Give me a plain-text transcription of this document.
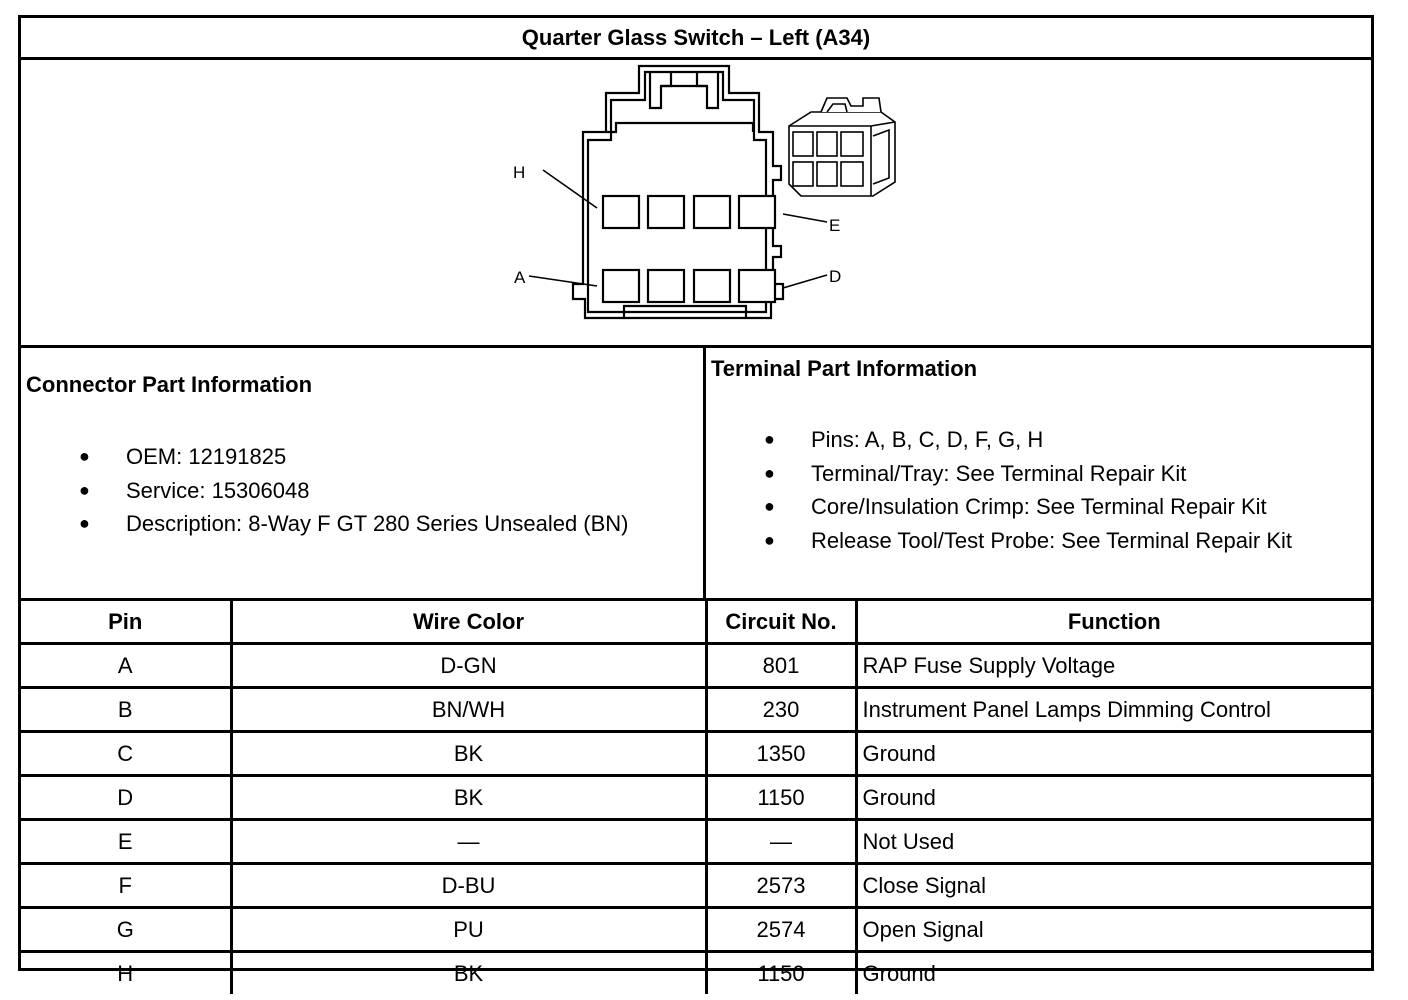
Quarter Glass Switch – Left (A34)
H
E
A	D
Connector Part Information
● OEM: 12191825
● Service: 15306048
● Description: 8-Way F GT 280 Series Unsealed (BN)
Terminal Part Information
● Pins: A, B, C, D, F, G, H
● Terminal/Tray: See Terminal Repair Kit
● Core/Insulation Crimp: See Terminal Repair Kit
● Release Tool/Test Probe: See Terminal Repair Kit
Pin	Wire Color	Circuit No.	Function
A	D-GN	801	RAP Fuse Supply Voltage
B	BN/WH	230	Instrument Panel Lamps Dimming Control
C	BK	1350	Ground
D	BK	1150	Ground
E	—	—	Not Used
F	D-BU	2573	Close Signal
G	PU	2574	Open Signal
H	BK	1150	Ground
